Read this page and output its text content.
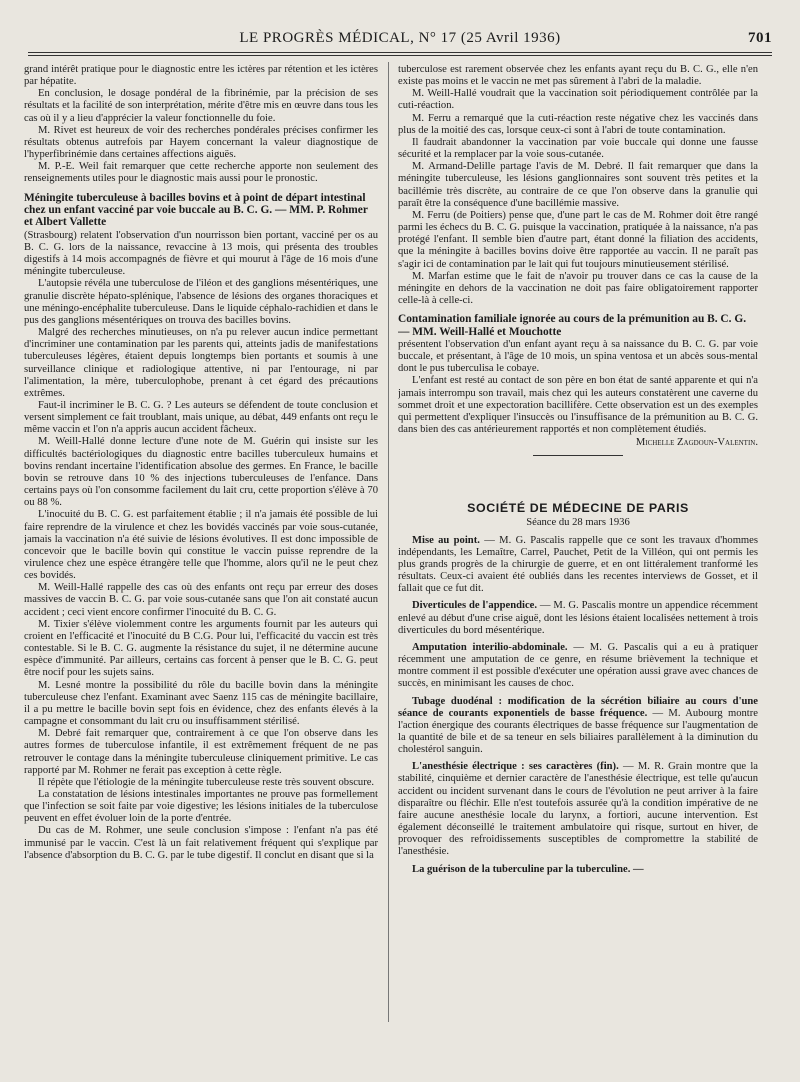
LE PROGRÈS MÉDICAL, N° 17 (25 Avril 1936)	701

grand intérêt pratique pour le diagnostic entre les ictères par rétention et les ictères par hépatite.

En conclusion, le dosage pondéral de la fibrinémie, par la précision de ses résultats et la facilité de son interprétation, mérite d'être mis en œuvre dans tous les cas où il y a lieu d'apprécier la valeur fonctionnelle du foie.

M. Rivet est heureux de voir des recherches pondérales précises confirmer les résultats obtenus autrefois par Hayem concernant la valeur diagnostique de l'hyperfibrinémie dans certaines affections aiguës.

M. P.-E. Weil fait remarquer que cette recherche apporte non seulement des renseignements utiles pour le diagnostic mais aussi pour le pronostic.

Méningite tuberculeuse à bacilles bovins et à point de départ intestinal chez un enfant vacciné par voie buccale au B. C. G. — MM. P. Rohmer et Albert Vallette

(Strasbourg) relatent l'observation d'un nourrisson bien portant, vacciné per os au B. C. G. lors de la naissance, revaccine à 13 mois, qui présenta des troubles digestifs à 14 mois accompagnés de fièvre et qui mourut à l'âge de 16 mois d'une méningite tuberculeuse.

L'autopsie révéla une tuberculose de l'iléon et des ganglions mésentériques, une granulie discrète hépato-splénique, l'absence de lésions des organes thoraciques et une méningo-encéphalite tuberculeuse. Dans le liquide céphalo-rachidien et dans le pus des ganglions mésentériques on trouva des bacilles bovins.

Malgré des recherches minutieuses, on n'a pu relever aucun indice permettant d'incriminer une contamination par les parents qui, atteints jadis de manifestations tuberculeuses légères, étaient depuis longtemps bien portants et soumis à une surveillance clinique et radiologique attentive, ni par l'entourage, ni par l'alimentation, la mère, tuberculophobe, prenant à cet égard des précautions extrêmes.

Faut-il incriminer le B. C. G. ? Les auteurs se défendent de toute conclusion et versent simplement ce fait troublant, mais unique, au débat, 449 enfants ont reçu le même vaccin et l'on n'a appris aucun accident fâcheux.

M. Weill-Hallé donne lecture d'une note de M. Guérin qui insiste sur les difficultés bactériologiques du diagnostic entre bacilles tuberculeux humains et bovins rendant incertaine l'identification absolue des germes. En France, le bacille bovin se retrouve dans 10 % des injections tuberculeuses de l'enfance. Dans certains pays où l'on consomme facilement du lait cru, cette proportion s'élève à 70 ou 88 %.

L'inocuité du B. C. G. est parfaitement établie ; il n'a jamais été possible de lui faire reprendre de la virulence et chez les bovidés vaccinés par voie sous-cutanée, jamais la vaccination n'a été suivie de lésions évolutives. Il est donc impossible de concevoir que le bacille bovin qui constitue le vaccin puisse reprendre de la virulence chez une espèce étrangère telle que l'homme, alors qu'il ne le peut chez ces bovidés.

M. Weill-Hallé rappelle des cas où des enfants ont reçu par erreur des doses massives de vaccin B. C. G. par voie sous-cutanée sans que l'on ait constaté aucun accident ; ceci vient encore confirmer l'inocuité du B. C. G.

M. Tixier s'élève violemment contre les arguments fournit par les auteurs qui croient en l'efficacité et l'inocuité du B C.G. Pour lui, l'efficacité du vaccin est très contestable. Si le B. C. G. augmente la résistance du sujet, il ne détermine aucune espèce d'immunité. Par ailleurs, certains cas forcent à penser que le B. C. G. peut être nocif pour les sujets sains.

M. Lesné montre la possibilité du rôle du bacille bovin dans la méningite tuberculeuse chez l'enfant. Examinant avec Saenz 115 cas de méningite bacillaire, il a pu mettre le bacille bovin sept fois en évidence, chez des enfants élevés à la campagne et consommant du lait cru ou insuffisamment stérilisé.

M. Debré fait remarquer que, contrairement à ce que l'on observe dans les autres formes de tuberculose infantile, il est extrêmement fréquent de ne pas retrouver le contage dans la méningite tuberculeuse cliniquement primitive. Le cas rapporté par M. Rohmer ne ferait pas exception à cette règle.

Il répète que l'étiologie de la méningite tuberculeuse reste très souvent obscure.

La constatation de lésions intestinales importantes ne prouve pas formellement que l'infection se soit faite par voie digestive; les lésions initiales de la tuberculose peuvent en effet évoluer loin de la porte d'entrée.

Du cas de M. Rohmer, une seule conclusion s'impose : l'enfant n'a pas été immunisé par le vaccin. C'est là un fait relativement fréquent qui s'explique par l'absence d'absorption du B. C. G. par le tube digestif. Il conclut en disant que si la

tuberculose est rarement observée chez les enfants ayant reçu du B. C. G., elle n'en existe pas moins et le vaccin ne met pas sûrement à l'abri de la maladie.

M. Weill-Hallé voudrait que la vaccination soit périodiquement contrôlée par la cuti-réaction.

M. Ferru a remarqué que la cuti-réaction reste négative chez les vaccinés dans plus de la moitié des cas, lorsque ceux-ci sont à l'abri de toute contamination.

Il faudrait abandonner la vaccination par voie buccale qui donne une fausse sécurité et la remplacer par la voie sous-cutanée.

M. Armand-Delille partage l'avis de M. Debré. Il fait remarquer que dans la méningite tuberculeuse, les lésions ganglionnaires sont souvent très petites et la bacillémie très discrète, au contraire de ce que l'on observe dans la granulie qui paraît être la conséquence d'une bacillémie massive.

M. Ferru (de Poitiers) pense que, d'une part le cas de M. Rohmer doit être rangé parmi les échecs du B. C. G. puisque la vaccination, pratiquée à la naissance, n'a pas protégé l'enfant. Il semble bien d'autre part, étant donné la filiation des accidents, que la méningite à bacilles bovins doive être rapportée au vaccin. Il ne paraît pas s'agir ici de contamination par le lait qui fut toujours minutieusement stérilisé.

M. Marfan estime que le fait de n'avoir pu trouver dans ce cas la cause de la méningite en dehors de la vaccination ne doit pas faire obligatoirement rapporter celle-là à celle-ci.

Contamination familiale ignorée au cours de la prémunition au B. C. G. — MM. Weill-Hallé et Mouchotte

présentent l'observation d'un enfant ayant reçu à sa naissance du B. C. G. par voie buccale, et présentant, à l'âge de 10 mois, un spina ventosa et un abcès sous-mental dont le pus tuberculisa le cobaye.

L'enfant est resté au contact de son père en bon état de santé apparente et qui n'a jamais interrompu son travail, mais chez qui les auteurs constatèrent une caverne du sommet droit et une expectoration bacillifère. Cette observation est un des exemples qui permettent d'expliquer l'insuccès ou l'insuffisance de la prémunition au B. C. G. dans bien des cas antérieurement rapportés et non complètement étudiés.

Michelle Zagdoun-Valentin.
SOCIÉTÉ DE MÉDECINE DE PARIS
Séance du 28 mars 1936

Mise au point. — M. G. Pascalis rappelle que ce sont les travaux d'hommes indépendants, les Lemaître, Carrel, Pauchet, Petit de la Villéon, qui ont permis les plus grands progrès de la chirurgie de guerre, et en ont littéralement tranformé les résultats. Ceux-ci avaient été oubliés dans les recentes interviews de Gosset, et il fallait que ce fut dit.

Diverticules de l'appendice. — M. G. Pascalis montre un appendice récemment enlevé au début d'une crise aiguë, dont les lésions étaient localisées nettement à trois diverticules du bord mésentérique.

Amputation interilio-abdominale. — M. G. Pascalis qui a eu à pratiquer récemment une amputation de ce genre, en résume brièvement la technique et montre comment il est possible d'exécuter une opération aussi grave avec chances de succès, en minimisant les causes de choc.

Tubage duodénal : modification de la sécrétion biliaire au cours d'une séance de courants exponentiels de basse fréquence. — M. Aubourg montre l'action énergique des courants électriques de basse fréquence sur l'augmentation de la quantité de bile et de sa teneur en sels biliaires parallèlement à la diminution du cholestérol sanguin.

L'anesthésie électrique : ses caractères (fin). — M. R. Grain montre que la stabilité, cinquième et dernier caractère de l'anesthésie électrique, est telle qu'aucun accident ou incident survenant dans le cours de l'évolution ne peut arriver à la faire disparaître ou fléchir. Elle n'est toutefois assurée qu'à la condition impérative de ne faire aucune anesthésie locale du larynx, a fortiori, aucune intervention. Est également déconseillé le traitement ambulatoire qui risque, surtout en hiver, de provoquer des refroidissements susceptibles de compromettre la stabilité de l'anesthésie.

La guérison de la tuberculine par la tuberculine. —
